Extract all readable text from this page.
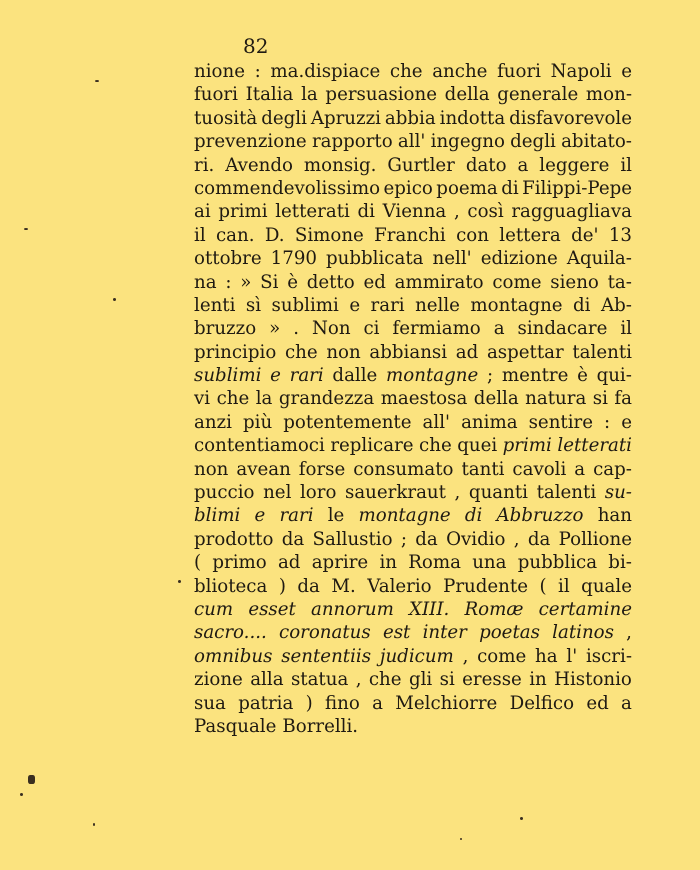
82
nione : ma.dispiace che anche fuori Napoli e
fuori Italia la persuasione della generale mon-
tuosità degli Apruzzi abbia indotta disfavorevole
prevenzione rapporto all' ingegno degli abitato-
ri. Avendo monsig. Gurtler dato a leggere il
commendevolissimo epico poema di Filippi-Pepe
ai primi letterati di Vienna , così ragguagliava
il can. D. Simone Franchi con lettera de' 13
ottobre 1790 pubblicata nell' edizione Aquila-
na : » Si è detto ed ammirato come sieno ta-
lenti sì sublimi e rari nelle montagne di Ab-
bruzzo » . Non ci fermiamo a sindacare il
principio che non abbiansi ad aspettar talenti
sublimi e rari dalle montagne ; mentre è qui-
vi che la grandezza maestosa della natura si fa
anzi più potentemente all' anima sentire : e
contentiamoci replicare che quei primi letterati
non avean forse consumato tanti cavoli a cap-
puccio nel loro sauerkraut , quanti talenti su-
blimi e rari le montagne di Abbruzzo han
prodotto da Sallustio ; da Ovidio , da Pollione
( primo ad aprire in Roma una pubblica bi-
blioteca ) da M. Valerio Prudente ( il quale
cum esset annorum XIII. Romæ certamine
sacro.... coronatus est inter poetas latinos ,
omnibus sententiis judicum , come ha l' iscri-
zione alla statua , che gli si eresse in Histonio
sua patria ) fino a Melchiorre Delfico ed a
Pasquale Borrelli.
